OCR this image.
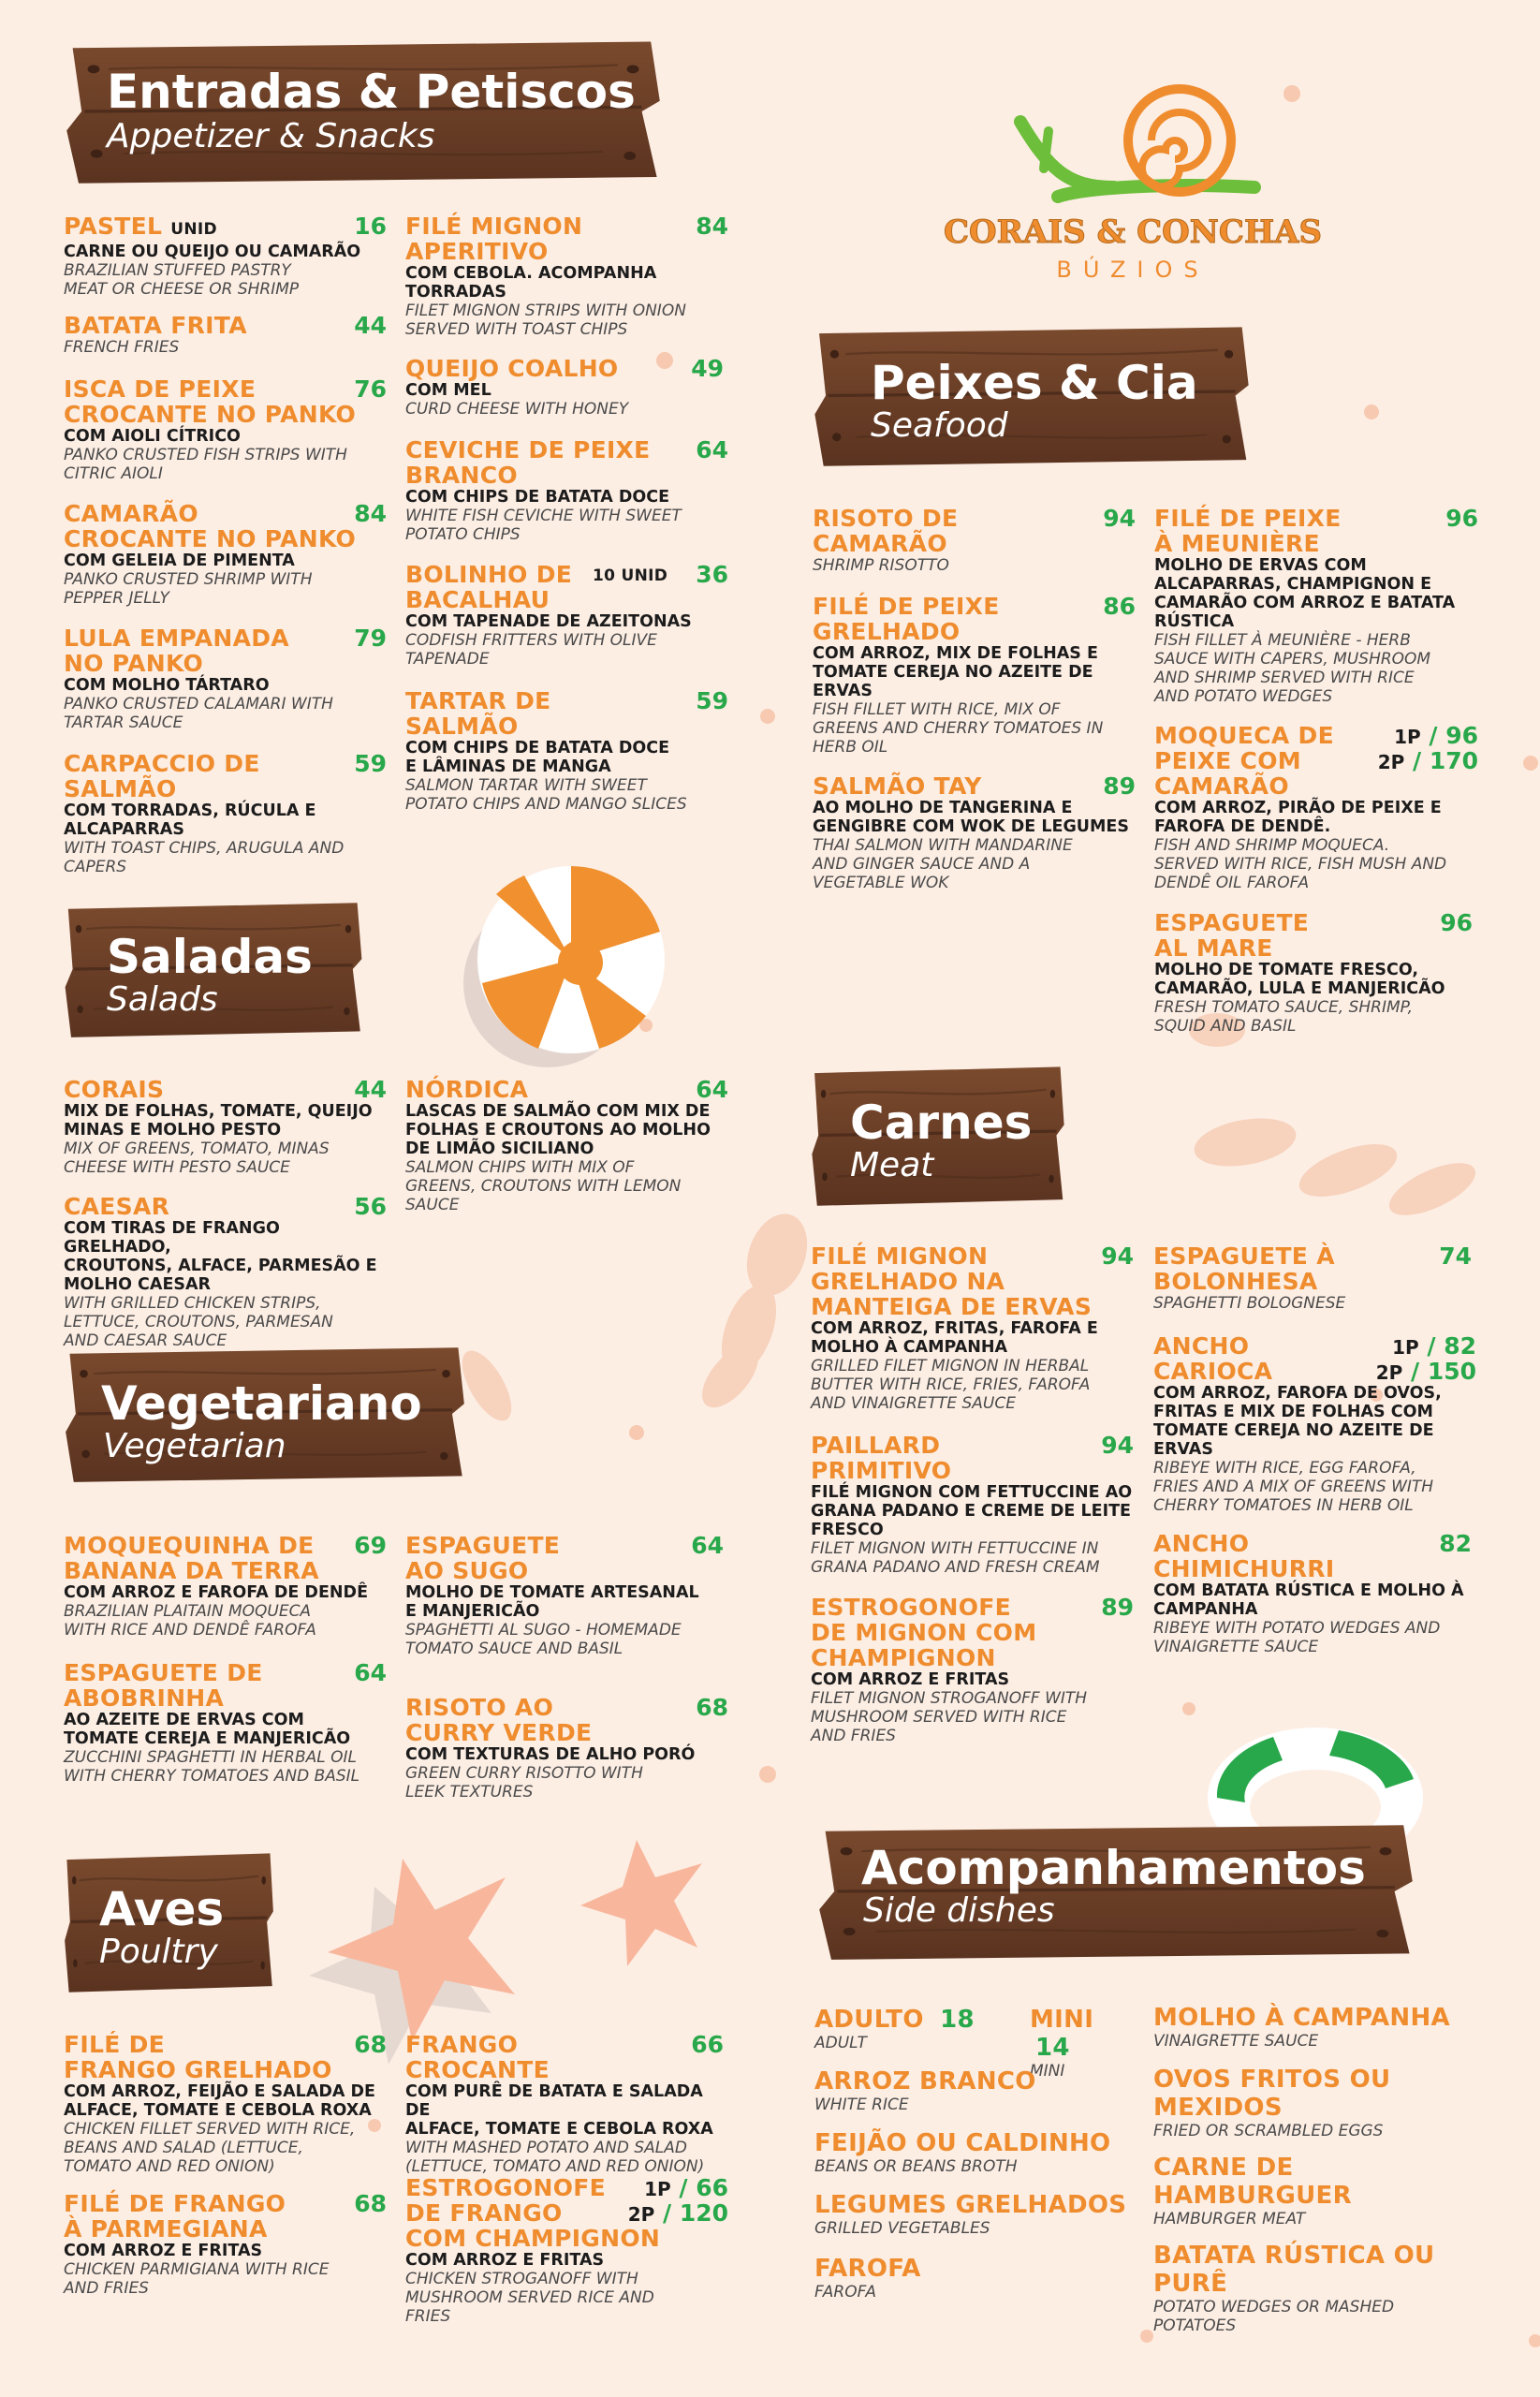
CORAIS & CONCHAS
BÚZIOS
Entradas & Petiscos
Appetizer & Snacks
Saladas
Salads
Vegetariano
Vegetarian
Aves
Poultry
Peixes & Cia
Seafood
Carnes
Meat
Acompanhamentos
Side dishes
PASTEL UNID	16
CARNE OU QUEIJO OU CAMARÃO
BRAZILIAN STUFFED PASTRY
MEAT OR CHEESE OR SHRIMP
BATATA FRITA	44
FRENCH FRIES
ISCA DE PEIXE
CROCANTE NO PANKO
76
COM AIOLI CÍTRICO
PANKO CRUSTED FISH STRIPS WITH
CITRIC AIOLI
CAMARÃO
CROCANTE NO PANKO
84
COM GELEIA DE PIMENTA
PANKO CRUSTED SHRIMP WITH
PEPPER JELLY
LULA EMPANADA
NO PANKO
79
COM MOLHO TÁRTARO
PANKO CRUSTED CALAMARI WITH
TARTAR SAUCE
CARPACCIO DE
SALMÃO
59
COM TORRADAS, RÚCULA E
ALCAPARRAS
WITH TOAST CHIPS, ARUGULA AND
CAPERS
FILÉ MIGNON
APERITIVO
84
COM CEBOLA. ACOMPANHA
TORRADAS
FILET MIGNON STRIPS WITH ONION
SERVED WITH TOAST CHIPS
QUEIJO COALHO	49
COM MEL
CURD CHEESE WITH HONEY
CEVICHE DE PEIXE
BRANCO
64
COM CHIPS DE BATATA DOCE
WHITE FISH CEVICHE WITH SWEET
POTATO CHIPS
BOLINHO DE
BACALHAU
10 UNID 36
COM TAPENADE DE AZEITONAS
CODFISH FRITTERS WITH OLIVE
TAPENADE
TARTAR DE
SALMÃO
59
COM CHIPS DE BATATA DOCE
E LÂMINAS DE MANGA
SALMON TARTAR WITH SWEET
POTATO CHIPS AND MANGO SLICES
CORAIS	44
MIX DE FOLHAS, TOMATE, QUEIJO
MINAS E MOLHO PESTO
MIX OF GREENS, TOMATO, MINAS
CHEESE WITH PESTO SAUCE
CAESAR	56
COM TIRAS DE FRANGO GRELHADO,
CROUTONS, ALFACE, PARMESÃO E
MOLHO CAESAR
WITH GRILLED CHICKEN STRIPS,
LETTUCE, CROUTONS, PARMESAN
AND CAESAR SAUCE
NÓRDICA	64
LASCAS DE SALMÃO COM MIX DE
FOLHAS E CROUTONS AO MOLHO
DE LIMÃO SICILIANO
SALMON CHIPS WITH MIX OF
GREENS, CROUTONS WITH LEMON
SAUCE
MOQUEQUINHA DE
BANANA DA TERRA
69
COM ARROZ E FAROFA DE DENDÊ
BRAZILIAN PLAITAIN MOQUECA
WITH RICE AND DENDÊ FAROFA
ESPAGUETE DE
ABOBRINHA
64
AO AZEITE DE ERVAS COM
TOMATE CEREJA E MANJERICÃO
ZUCCHINI SPAGHETTI IN HERBAL OIL
WITH CHERRY TOMATOES AND BASIL
ESPAGUETE
AO SUGO
64
MOLHO DE TOMATE ARTESANAL
E MANJERICÃO
SPAGHETTI AL SUGO - HOMEMADE
TOMATO SAUCE AND BASIL
RISOTO AO
CURRY VERDE
68
COM TEXTURAS DE ALHO PORÓ
GREEN CURRY RISOTTO WITH
LEEK TEXTURES
FILÉ DE
FRANGO GRELHADO
68
COM ARROZ, FEIJÃO E SALADA DE
ALFACE, TOMATE E CEBOLA ROXA
CHICKEN FILLET SERVED WITH RICE,
BEANS AND SALAD (LETTUCE,
TOMATO AND RED ONION)
FILÉ DE FRANGO
À PARMEGIANA
68
COM ARROZ E FRITAS
CHICKEN PARMIGIANA WITH RICE
AND FRIES
FRANGO
CROCANTE
66
COM PURÊ DE BATATA E SALADA DE
ALFACE, TOMATE E CEBOLA ROXA
WITH MASHED POTATO AND SALAD
(LETTUCE, TOMATO AND RED ONION)
ESTROGONOFE
DE FRANGO
COM CHAMPIGNON
1P / 66
2P / 120
COM ARROZ E FRITAS
CHICKEN STROGANOFF WITH
MUSHROOM SERVED RICE AND
FRIES
RISOTO DE
CAMARÃO
94
SHRIMP RISOTTO
FILÉ DE PEIXE
GRELHADO
86
COM ARROZ, MIX DE FOLHAS E
TOMATE CEREJA NO AZEITE DE
ERVAS
FISH FILLET WITH RICE, MIX OF
GREENS AND CHERRY TOMATOES IN
HERB OIL
SALMÃO TAY	89
AO MOLHO DE TANGERINA E
GENGIBRE COM WOK DE LEGUMES
THAI SALMON WITH MANDARINE
AND GINGER SAUCE AND A
VEGETABLE WOK
FILÉ DE PEIXE
À MEUNIÈRE
96
MOLHO DE ERVAS COM
ALCAPARRAS, CHAMPIGNON E
CAMARÃO COM ARROZ E BATATA
RÚSTICA
FISH FILLET À MEUNIÈRE - HERB
SAUCE WITH CAPERS, MUSHROOM
AND SHRIMP SERVED WITH RICE
AND POTATO WEDGES
MOQUECA DE
PEIXE COM
CAMARÃO
1P / 96
2P / 170
COM ARROZ, PIRÃO DE PEIXE E
FAROFA DE DENDÊ.
FISH AND SHRIMP MOQUECA.
SERVED WITH RICE, FISH MUSH AND
DENDÊ OIL FAROFA
ESPAGUETE
AL MARE
96
MOLHO DE TOMATE FRESCO,
CAMARÃO, LULA E MANJERICÃO
FRESH TOMATO SAUCE, SHRIMP,
SQUID AND BASIL
FILÉ MIGNON
GRELHADO NA
MANTEIGA DE ERVAS
94
COM ARROZ, FRITAS, FAROFA E
MOLHO À CAMPANHA
GRILLED FILET MIGNON IN HERBAL
BUTTER WITH RICE, FRIES, FAROFA
AND VINAIGRETTE SAUCE
PAILLARD
PRIMITIVO
94
FILÉ MIGNON COM FETTUCCINE AO
GRANA PADANO E CREME DE LEITE
FRESCO
FILET MIGNON WITH FETTUCCINE IN
GRANA PADANO AND FRESH CREAM
ESTROGONOFE
DE MIGNON COM
CHAMPIGNON
89
COM ARROZ E FRITAS
FILET MIGNON STROGANOFF WITH
MUSHROOM SERVED WITH RICE
AND FRIES
ESPAGUETE À
BOLONHESA
74
SPAGHETTI BOLOGNESE
ANCHO
CARIOCA
1P / 82
2P / 150
COM ARROZ, FAROFA DE OVOS,
FRITAS E MIX DE FOLHAS COM
TOMATE CEREJA NO AZEITE DE
ERVAS
RIBEYE WITH RICE, EGG FAROFA,
FRIES AND A MIX OF GREENS WITH
CHERRY TOMATOES IN HERB OIL
ANCHO
CHIMICHURRI
82
COM BATATA RÚSTICA E MOLHO À
CAMPANHA
RIBEYE WITH POTATO WEDGES AND
VINAIGRETTE SAUCE
ADULTO 18
ADULT
MINI 14
MINI
ARROZ BRANCO
WHITE RICE
FEIJÃO OU CALDINHO
BEANS OR BEANS BROTH
LEGUMES GRELHADOS
GRILLED VEGETABLES
FAROFA
FAROFA
MOLHO À CAMPANHA
VINAIGRETTE SAUCE
OVOS FRITOS OU
MEXIDOS
FRIED OR SCRAMBLED EGGS
CARNE DE
HAMBURGUER
HAMBURGER MEAT
BATATA RÚSTICA OU
PURÊ
POTATO WEDGES OR MASHED
POTATOES
